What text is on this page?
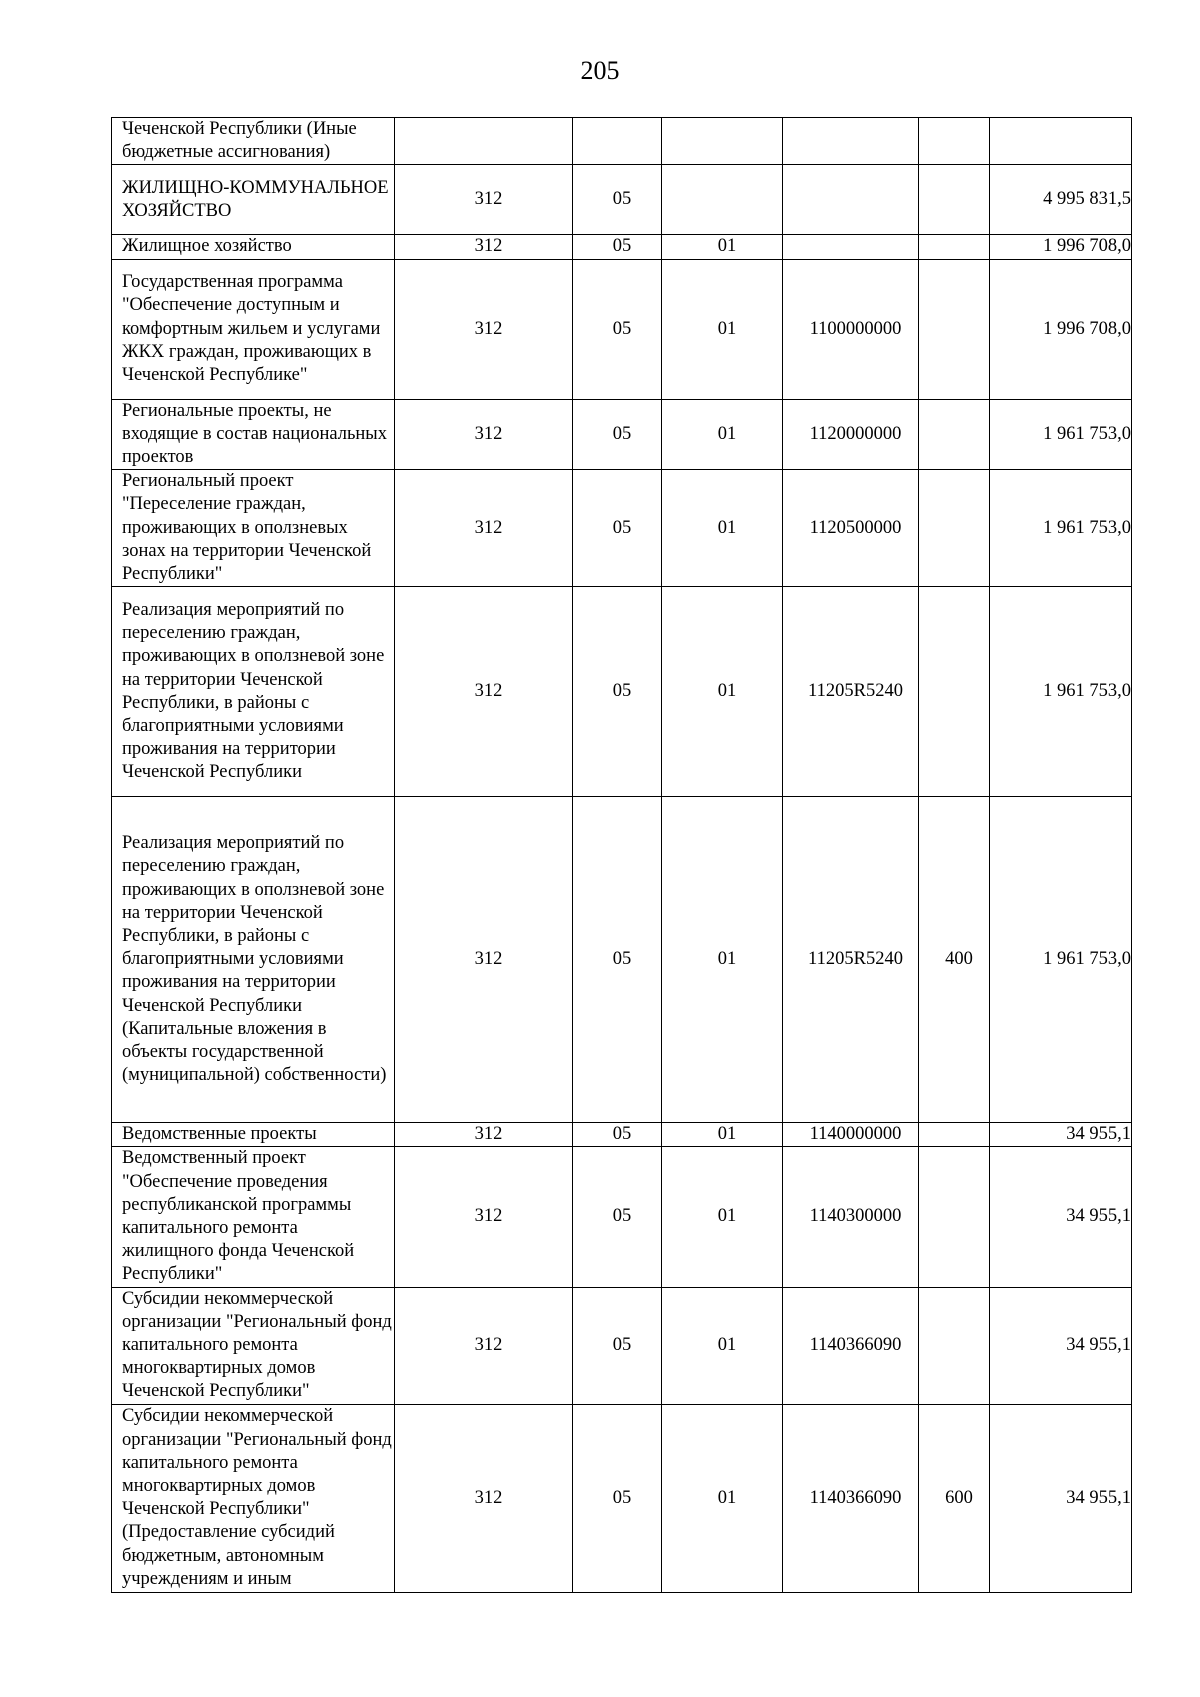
205
Чеченской Республики (Иные бюджетные ассигнования)						
ЖИЛИЩНО-КОММУНАЛЬНОЕ ХОЗЯЙСТВО	312	05				4 995 831,5
Жилищное хозяйство	312	05	01			1 996 708,0
Государственная программа "Обеспечение доступным и комфортным жильем и услугами ЖКХ граждан, проживающих в Чеченской Республике"	312	05	01	1100000000		1 996 708,0
Региональные проекты, не входящие в состав национальных проектов	312	05	01	1120000000		1 961 753,0
Региональный проект "Переселение граждан, проживающих в оползневых зонах на территории Чеченской Республики"	312	05	01	1120500000		1 961 753,0
Реализация мероприятий по переселению граждан, проживающих в оползневой зоне на территории Чеченской Республики, в районы с благоприятными условиями проживания на территории Чеченской Республики	312	05	01	11205R5240		1 961 753,0
Реализация мероприятий по переселению граждан, проживающих в оползневой зоне на территории Чеченской Республики, в районы с благоприятными условиями проживания на территории Чеченской Республики (Капитальные вложения в объекты государственной (муниципальной) собственности)	312	05	01	11205R5240	400	1 961 753,0
Ведомственные проекты	312	05	01	1140000000		34 955,1
Ведомственный проект "Обеспечение проведения республиканской программы капитального ремонта жилищного фонда Чеченской Республики"	312	05	01	1140300000		34 955,1
Субсидии некоммерческой организации "Региональный фонд капитального ремонта многоквартирных домов Чеченской Республики"	312	05	01	1140366090		34 955,1
Субсидии некоммерческой организации "Региональный фонд капитального ремонта многоквартирных домов Чеченской Республики" (Предоставление субсидий бюджетным, автономным учреждениям и иным	312	05	01	1140366090	600	34 955,1
